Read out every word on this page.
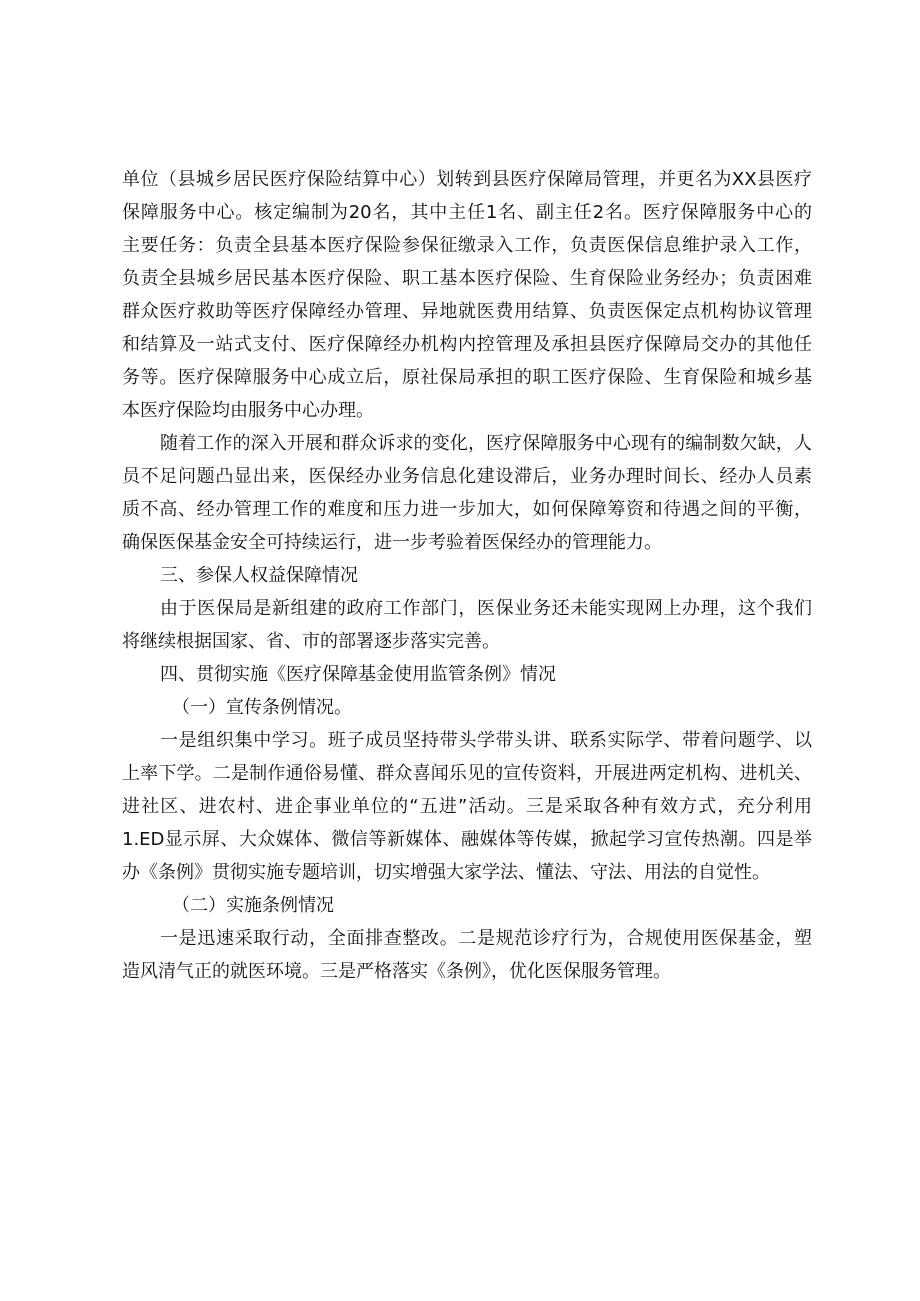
单位（县城乡居民医疗保险结算中心）划转到县医疗保障局管理，并更名为XX县医疗
保障服务中心。核定编制为20名，其中主任1名、副主任2名。医疗保障服务中心的
主要任务：负责全县基本医疗保险参保征缴录入工作，负责医保信息维护录入工作，
负责全县城乡居民基本医疗保险、职工基本医疗保险、生育保险业务经办；负责困难
群众医疗救助等医疗保障经办管理、异地就医费用结算、负责医保定点机构协议管理
和结算及一站式支付、医疗保障经办机构内控管理及承担县医疗保障局交办的其他任
务等。医疗保障服务中心成立后，原社保局承担的职工医疗保险、生育保险和城乡基
本医疗保险均由服务中心办理。
随着工作的深入开展和群众诉求的变化，医疗保障服务中心现有的编制数欠缺，人
员不足问题凸显出来，医保经办业务信息化建设滞后，业务办理时间长、经办人员素
质不高、经办管理工作的难度和压力进一步加大，如何保障筹资和待遇之间的平衡，
确保医保基金安全可持续运行，进一步考验着医保经办的管理能力。
三、参保人权益保障情况
由于医保局是新组建的政府工作部门，医保业务还未能实现网上办理，这个我们
将继续根据国家、省、市的部署逐步落实完善。
四、贯彻实施《医疗保障基金使用监管条例》情况
（一）宣传条例情况。
一是组织集中学习。班子成员坚持带头学带头讲、联系实际学、带着问题学、以
上率下学。二是制作通俗易懂、群众喜闻乐见的宣传资料，开展进两定机构、进机关、
进社区、进农村、进企事业单位的“五进”活动。三是采取各种有效方式，充分利用
1.ED显示屏、大众媒体、微信等新媒体、融媒体等传媒，掀起学习宣传热潮。四是举
办《条例》贯彻实施专题培训，切实增强大家学法、懂法、守法、用法的自觉性。
（二）实施条例情况
一是迅速采取行动，全面排查整改。二是规范诊疗行为，合规使用医保基金，塑
造风清气正的就医环境。三是严格落实《条例》，优化医保服务管理。
